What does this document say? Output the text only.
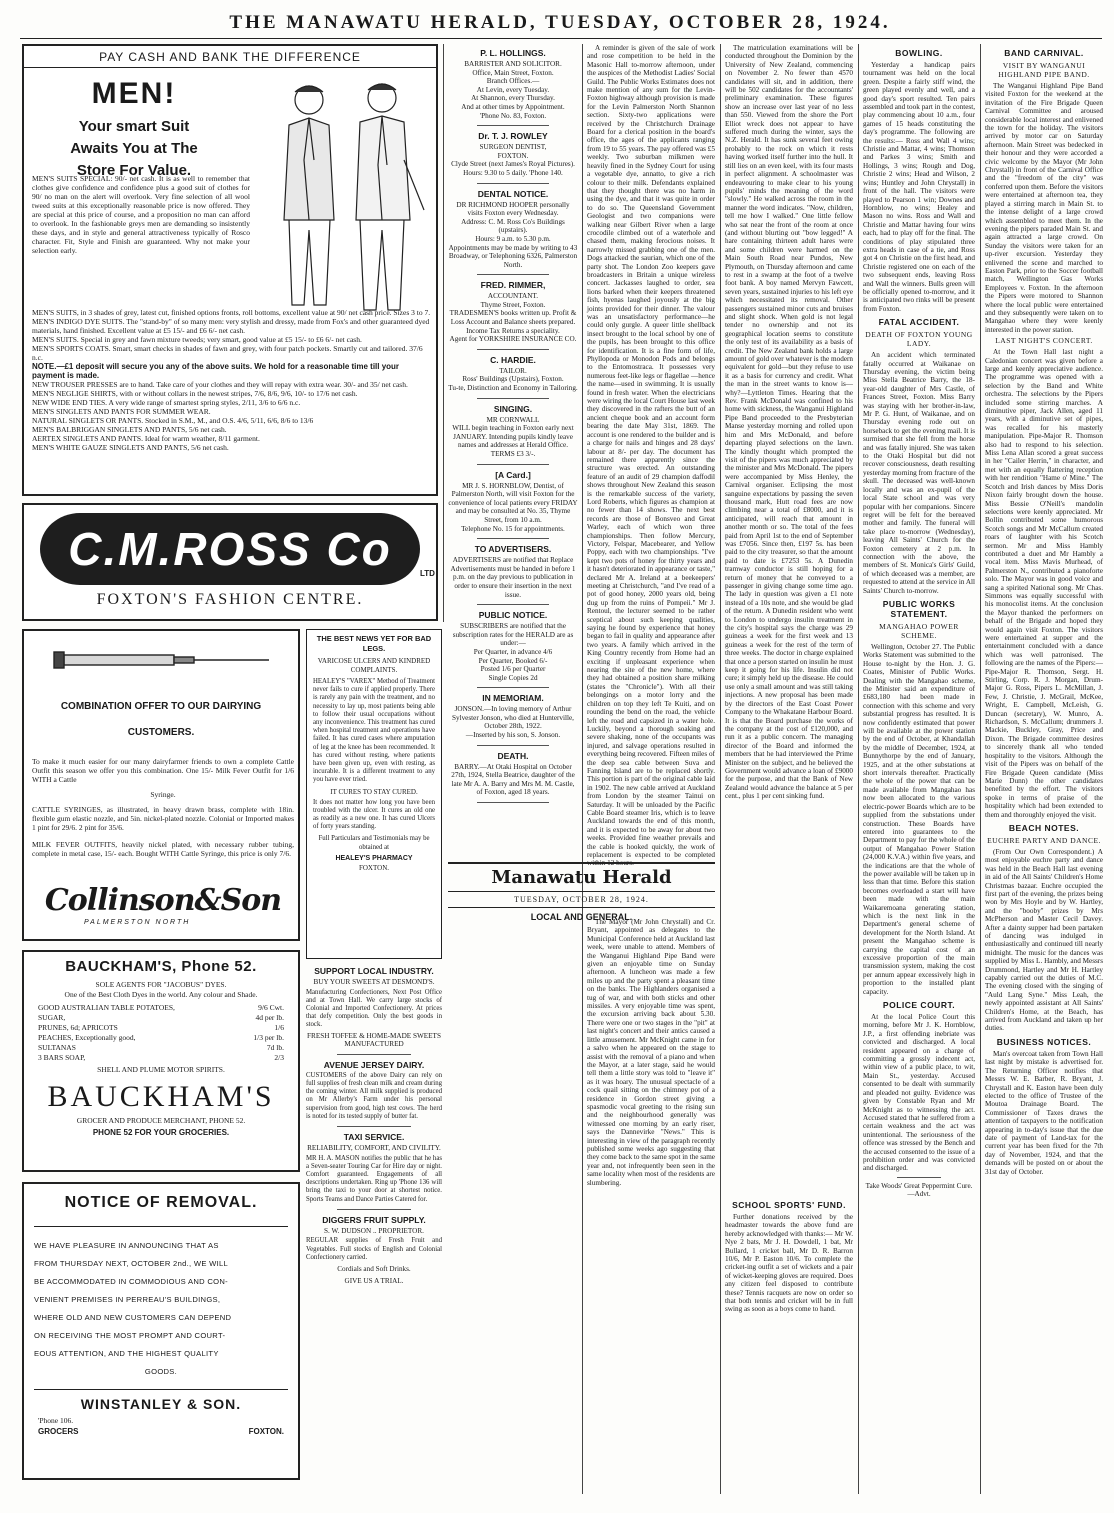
THE MANAWATU HERALD, TUESDAY, OCTOBER 28, 1924.
PAY CASH AND BANK THE DIFFERENCE
MEN!
Your smart Suit
Awaits You at The
Store For Value.

MEN'S SUITS SPECIAL: 90/- net cash. It is as well to remember that clothes give confidence and confidence plus a good suit of clothes for 90/ no man on the alert will overlook. Very fine selection of all wool tweed suits at this exceptionally reasonable price is now offered. They are special at this price of course, and a proposition no man can afford to overlook. In the fashionable greys men are demanding so insistently these days, and in style and general attractiveness typically of Rosco character. Fit, Style and Finish are guaranteed. Why not make your selection early.

MEN'S SUITS, in 3 shades of grey, latest cut, finished options fronts, roll bottoms, excellent value at 90/ net cash price. Sizes 3 to 7.

MEN'S INDIGO DYE SUITS. The "stand-by" of so many men: very stylish and dressy, made from Fox's and other guaranteed dyed materials, hand finished. Excellent value at £5 15/- and £6 6/- net cash.

MEN'S SUITS. Special in grey and fawn mixture tweeds; very smart, good value at £5 15/- to £6 6/- net cash.

MEN'S SPORTS COATS. Smart, smart checks in shades of fawn and grey, with four patch pockets. Smartly cut and tailored. 37/6 n.c.

NOTE.—£1 deposit will secure you any of the above suits. We hold for a reasonable time till your payment is made.

NEW TROUSER PRESSES are to hand. Take care of your clothes and they will repay with extra wear. 30/- and 35/ net cash.

MEN'S NEGLIGE SHIRTS, with or without collars in the newest stripes, 7/6, 8/6, 9/6, 10/- to 17/6 net cash.

NEW WIDE END TIES. A very wide range of smartest spring styles, 2/11, 3/6 to 6/6 n.c.

MEN'S SINGLETS AND PANTS FOR SUMMER WEAR.

NATURAL SINGLETS OR PANTS. Stocked in S.M., M., and O.S. 4/6, 5/11, 6/6, 8/6 to 13/6

MEN'S BALBRIGGAN SINGLETS AND PANTS, 5/6 net cash.

AERTEX SINGLETS AND PANTS. Ideal for warm weather, 8/11 garment.

MEN'S WHITE GAUZE SINGLETS AND PANTS, 5/6 net cash.

C.M.ROSS Co	LTD
FOXTON'S FASHION CENTRE.
COMBINATION OFFER TO OUR DAIRYING
CUSTOMERS.

To make it much easier for our many dairyfarmer friends to own a complete Cattle Outfit this season we offer you this combination. One 15/- Milk Fever Outfit for 1/6 WITH a Cattle

Syringe.

CATTLE SYRINGES, as illustrated, in heavy drawn brass, complete with 18in. flexible gum elastic nozzle, and 5in. nickel-plated nozzle. Colonial or Imported makes 1 pint for 29/6. 2 pint for 35/6.

MILK FEVER OUTFITS, heavily nickel plated, with necessary rubber tubing, complete in metal case, 15/- each. Bought WITH Cattle Syringe, this price is only 7/6.

Collinson&Son
PALMERSTON NORTH
BAUCKHAM'S, Phone 52.
SOLE AGENTS FOR "JACOBUS" DYES.
One of the Best Cloth Dyes in the world. Any colour and Shade.
GOOD AUSTRALIAN TABLE POTATOES,	9/6 Cwt.
SUGAR,	4d per lb.
PRUNES, 6d; APRICOTS	1/6
PEACHES, Exceptionally good,	1/3 per lb.
SULTANAS	7d lb.
3 BARS SOAP,	2/3
SHELL AND PLUME MOTOR SPIRITS.
BAUCKHAM'S
GROCER AND PRODUCE MERCHANT, PHONE 52.
PHONE 52 FOR YOUR GROCERIES.
NOTICE OF REMOVAL.
WE HAVE PLEASURE IN ANNOUNCING THAT AS
FROM THURSDAY NEXT, OCTOBER 2nd., WE WILL
BE ACCOMMODATED IN COMMODIOUS AND CON-
VENIENT PREMISES IN PERREAU'S BUILDINGS,
WHERE OLD AND NEW CUSTOMERS CAN DEPEND
ON RECEIVING THE MOST PROMPT AND COURT-
EOUS ATTENTION, AND THE HIGHEST QUALITY
GOODS.
WINSTANLEY & SON.
'Phone 106.
GROCERS	FOXTON.
P. L. HOLLINGS.

BARRISTER AND SOLICITOR.

Office, Main Street, Foxton.

Branch Offices.—

At Levin, every Tuesday.

At Shannon, every Thursday.

And at other times by Appointment.

'Phone No. 83, Foxton.

Dr. T. J. ROWLEY

SURGEON DENTIST,

FOXTON.

Clyde Street (next James's Royal Pictures).

Hours: 9.30 to 5 daily. 'Phone 140.

DENTAL NOTICE.

DR RICHMOND HOOPER personally visits Foxton every Wednesday.

Address: C. M. Ross Co's Buildings (upstairs).

Hours: 9 a.m. to 5.30 p.m.

Appointments may be made by writing to 43 Broadway, or Telephoning 6326, Palmerston North.

FRED. RIMMER,

ACCOUNTANT.

Thyme Street, Foxton.

TRADESMEN'S books written up. Profit & Loss Account and Balance sheets prepared. Income Tax Returns a speciality.

Agent for YORKSHIRE INSURANCE CO.

C. HARDIE.

TAILOR.

Ross' Buildings (Upstairs), Foxton.

Tu-te, Distinction and Economy in Tailoring.

SINGING.

MR CORNWALL

WILL begin teaching in Foxton early next JANUARY. Intending pupils kindly leave names and addresses at Herald Office.

TERMS £3 3/-.

[A Card.]

MR J. S. HORNBLOW, Dentist, of Palmerston North, will visit Foxton for the convenience of local patients every FRIDAY and may be consulted at No. 35, Thyme Street, from 10 a.m.

Telephone No. 15 for appointments.

TO ADVERTISERS.

ADVERTISERS are notified that Replace Advertisements must be handed in before 1 p.m. on the day previous to publication in order to ensure their insertion in the next issue.

PUBLIC NOTICE.

SUBSCRIBERS are notified that the subscription rates for the HERALD are as under:—

Per Quarter, in advance 4/6

Per Quarter, Booked 6/-

Posted 1/6 per Quarter

Single Copies 2d

IN MEMORIAM.

JONSON.—In loving memory of Arthur Sylvester Jonson, who died at Hunterville, October 28th, 1922.

—Inserted by his son, S. Jonson.

DEATH.

BARRY.—At Otaki Hospital on October 27th, 1924, Stella Beatrice, daughter of the late Mr A. A. Barry and Mrs M. M. Castle, of Foxton, aged 18 years.

THE BEST NEWS YET FOR BAD LEGS.
VARICOSE ULCERS AND KINDRED COMPLAINTS.

HEALEY'S "VAREX" Method of Treatment never fails to cure if applied properly. There is rarely any pain with the treatment, and no necessity to lay up, most patients being able to follow their usual occupations without any inconvenience. This treatment has cured when hospital treatment and operations have failed. It has cured cases where amputation of leg at the knee has been recommended. It has cured without resting, where patients have been given up, even with resting, as incurable. It is a different treatment to any you have ever tried.

IT CURES TO STAY CURED.

It does not matter how long you have been troubled with the ulcer. It cures an old one as readily as a new one. It has cured Ulcers of forty years standing.

Full Particulars and Testimonials may be obtained at

HEALEY'S PHARMACY
FOXTON.
SUPPORT LOCAL INDUSTRY.

BUY YOUR SWEETS AT DESMOND'S.

Manufacturing Confectioners, Next Post Office and at Town Hall. We carry large stocks of Colonial and Imported Confectionery. At prices that defy competition. Only the best goods in stock.

FRESH TOFFEE & HOME-MADE SWEETS MANUFACTURED

AVENUE JERSEY DAIRY.

CUSTOMERS of the above Dairy can rely on full supplies of fresh clean milk and cream during the coming winter. All milk supplied is produced on Mr Allerby's Farm under his personal supervision from good, high test cows. The herd is noted for its tested supply of butter fat.

TAXI SERVICE.

RELIABILITY, COMFORT, AND CIVILITY.

MR H. A. MASON notifies the public that he has a Seven-seater Touring Car for Hire day or night. Comfort guaranteed. Engagements of all descriptions undertaken. Ring up 'Phone 136 will bring the taxi to your door at shortest notice. Sports Teams and Dance Parties Catered for.

DIGGERS FRUIT SUPPLY.

S. W. DUDSON .. PROPRIETOR.

REGULAR supplies of Fresh Fruit and Vegetables. Full stocks of English and Colonial Confectionery carried.

Cordials and Soft Drinks.

GIVE US A TRIAL.

A reminder is given of the sale of work and rose competition to be held in the Masonic Hall to-morrow afternoon, under the auspices of the Methodist Ladies' Social Guild. The Public Works Estimates does not make mention of any sum for the Levin-Foxton highway although provision is made for the Levin Palmerston North Shannon section. Sixty-two applications were received by the Christchurch Drainage Board for a clerical position in the board's office, the ages of the applicants ranging from 19 to 55 years. The pay offered was £5 weekly. Two suburban milkmen were heavily fined in the Sydney Court for using a vegetable dye, annatto, to give a rich colour to their milk. Defendants explained that they thought there was no harm in using the dye, and that it was quite in order to do so. The Queensland Government Geologist and two companions were walking near Gilbert River when a large crocodile climbed out of a waterhole and chased them, making ferocious noises. It narrowly missed grabbing one of the men. Dogs attacked the saurian, which one of the party shot. The London Zoo keepers gave broadcasters in Britain a unique wireless concert. Jackasses laughed to order, sea lions barked when their keepers threatened fish, hyenas laughed joyously at the big joints provided for their dinner. The valour was an unsatisfactory performance—he could only gurgle. A queer little shellback insect brought to the local school by one of the pupils, has been brought to this office for identification. It is a fine form of life, Phyllopoda or Monodon Pods and belongs to the Entomostraca. It possesses very numerous feet-like legs or flagellae —hence the name—used in swimming. It is usually found in fresh water. When the electricians were wiring the local Court House last week they discovered in the rafters the butt of an ancient cheque book and an account form bearing the date May 31st, 1869. The account is one rendered to the builder and is a charge for nails and hinges and 28 days' labour at 8/- per day. The document has remained there apparently since the structure was erected. An outstanding feature of an audit of 29 champion daffodil shows throughout New Zealand this season is the remarkable success of the variety, Lord Roberts, which figures as champion at no fewer than 14 shows. The next best records are those of Bonsveo and Great Warley, each of which won three championships. Then follow Mercury, Victory, Felspar, Macebearer, and Yellow Poppy, each with two championships. "I've kept two pots of honey for thirty years and it hasn't deteriorated in appearance or taste," declared Mr A. Ireland at a beekeepers' meeting at Christchurch, "and I've read of a pot of good honey, 2000 years old, being dug up from the ruins of Pompeii." Mr J. Rentoul, the lecturer seemed to be rather sceptical about such keeping qualities, saying he found by experience that honey began to fail in quality and appearance after two years. A family which arrived in the King Country recently from Home had an exciting if unpleasant experience when nearing the site of the new home, where they had obtained a position share milking (states the "Chronicle"). With all their belongings on a motor lorry and the children on top they left Te Kuiti, and on rounding the bend on the road, the vehicle left the road and capsized in a water hole. Luckily, beyond a thorough soaking and severe shaking, none of the occupants was injured, and salvage operations resulted in everything being recovered. Fifteen miles of the deep sea cable between Suva and Fanning Island are to be replaced shortly. This portion is part of the original cable laid in 1902. The new cable arrived at Auckland from London by the steamer Tainui on Saturday. It will be unloaded by the Pacific Cable Board steamer Iris, which is to leave Auckland towards the end of this month, and it is expected to be away for about two weeks. Provided fine weather prevails and the cable is hooked quickly, the work of replacement is expected to be completed within 12 hours.

Manawatu Herald
TUESDAY, OCTOBER 28, 1924.
LOCAL AND GENERAL.

The Mayor (Mr John Chrystall) and Cr. Bryant, appointed as delegates to the Municipal Conference held at Auckland last week, were unable to attend. Members of the Wanganui Highland Pipe Band were given an enjoyable time on Sunday afternoon. A luncheon was made a few miles up and the party spent a pleasant time on the banks. The Highlanders organised a tug of war, and with both sticks and other missiles. A very enjoyable time was spent, the excursion arriving back about 5.30. There were one or two stages in the "pit" at last night's concert and their antics caused a little amusement. Mr McKnight came in for a salvo when he appeared on the stage to assist with the removal of a piano and when the Mayor, at a later stage, said he would tell them a little story was told to "leave it" as it was hoary. The unusual spectacle of a cock quail sitting on the chimney pot of a residence in Gordon street giving a spasmodic vocal greeting to the rising sun and the neighbourhood generally was witnessed one morning by an early riser, says the Dannevirke "News." This is interesting in view of the paragraph recently published some weeks ago suggesting that they come back to the same spot in the same year and, not infrequently been seen in the same locality when most of the residents are slumbering.

The matriculation examinations will be conducted throughout the Dominion by the University of New Zealand, commencing on November 2. No fewer than 4570 candidates will sit, and in addition, there will be 502 candidates for the accountants' preliminary examination. These figures show an increase over last year of no less than 550. Viewed from the shore the Port Elliot wreck does not appear to have suffered much during the winter, says the N.Z. Herald. It has sunk several feet owing probably to the rock on which it rests having worked itself further into the hull. It still lies on an even keel, with its four masts in perfect alignment. A schoolmaster was endeavouring to make clear to his young pupils' minds the meaning of the word "slowly." He walked across the room in the manner the word indicates. "Now, children, tell me how I walked." One little fellow who sat near the front of the room at once (and without blurting out "bow legged!" A hare containing thirteen adult hares were and some children were harmed on the Main South Road near Pundos, New Plymouth, on Thursday afternoon and came to rest in a swamp at the foot of a twelve foot bank. A boy named Mervyn Fawcett, seven years, sustained injuries to his left eye which necessitated its removal. Other passengers sustained minor cuts and bruises and slight shock. When gold is not legal tender no ownership and not its geographical location seems to constitute the only test of its availability as a basis of credit. The New Zealand bank holds a large amount of gold over whatever is the modern equivalent for gold—but they refuse to use it as a basis for currency and credit. What the man in the street wants to know is—why?—Lyttleton Times. Hearing that the Rev. Frank McDonald was confined to his home with sickness, the Wanganui Highland Pipe Band proceeded to the Presbyterian Manse yesterday morning and rolled upon him and Mrs McDonald, and before departing played selections on the lawn. The kindly thought which prompted the visit of the pipers was much appreciated by the minister and Mrs McDonald. The pipers were accompanied by Miss Henley, the Carnival organiser. Eclipsing the most sanguine expectations by passing the seven thousand mark, Hutt road fees are now climbing near a total of £8000, and it is anticipated, will reach that amount in another month or so. The total of the fees paid from April 1st to the end of September was £7056. Since then, £197 5s. has been paid to the city treasurer, so that the amount paid to date is £7253 5s. A Dunedin tramway conductor is still hoping for a return of money that he conveyed to a passenger in giving change some time ago. The lady in question was given a £1 note instead of a 10s note, and she would be glad of the return. A Dunedin resident who went to London to undergo insulin treatment in the city's hospital says the charge was 29 guineas a week for the first week and 13 guineas a week for the rest of the term of three weeks. The doctor in charge explained that once a person started on insulin he must keep it going for his life. Insulin did not cure; it simply held up the disease. He could use only a small amount and was still taking injections. A new proposal has been made by the directors of the East Coast Power Company to the Whakatane Harbour Board. It is that the Board purchase the works of the company at the cost of £120,000, and run it as a public concern. The managing director of the Board and informed the members that he had interviewed the Prime Minister on the subject, and he believed the Government would advance a loan of £9000 for the purpose, and that the Bank of New Zealand would advance the balance at 5 per cent., plus 1 per cent sinking fund.

SCHOOL SPORTS' FUND.

Further donations received by the headmaster towards the above fund are hereby acknowledged with thanks:— Mr W. Nye 2 bats, Mr J. H. Dowdell, 1 bat, Mr Bullard, 1 cricket ball, Mr D. R. Barron 10/6, Mr P. Easton 10/6. To complete the cricket-ing outfit a set of wickets and a pair of wicket-keeping gloves are required. Does any citizen feel disposed to contribute these? Tennis racquets are now on order so that both tennis and cricket will be in full swing as soon as a boys come to hand.

BOWLING.

Yesterday a handicap pairs tournament was held on the local green. Despite a fairly stiff wind, the green played evenly and well, and a good day's sport resulted. Ten pairs assembled and took part in the contest, play commencing about 10 a.m., four games of 15 heads constituting the day's programme. The following are the results:— Ross and Wall 4 wins; Christie and Mattar, 4 wins; Thomson and Parkes 3 wins; Smith and Hollings, 3 wins; Rough and Dog, Christie 2 wins; Head and Wilson, 2 wins; Huntley and John Chrystall) in front of the hall. The visitors were played to Pearson 1 win; Downes and Hornblow, no wins; Healey and Mason no wins. Ross and Wall and Christie and Mattar having four wins each, had to play off for the final. The conditions of play stipulated three extra heads in case of a tie, and Ross got 4 on Christie on the first head, and Christie registered one on each of the two subsequent ends, leaving Ross and Wall the winners. Bulls green will be officially opened to-morrow, and it is anticipated two rinks will be present from Foxton.

FATAL ACCIDENT.
DEATH OF FOXTON YOUNG LADY.

An accident which terminated fatally occurred at Waikanae on Thursday evening, the victim being Miss Stella Beatrice Barry, the 18-year-old daughter of Mrs Castle, of Frances Street, Foxton. Miss Barry was staying with her brother-in-law, Mr P. G. Hunt, of Waikanae, and on Thursday evening rode out on horseback to get the evening mail. It is surmised that she fell from the horse and was fatally injured. She was taken to the Otaki Hospital but did not recover consciousness, death resulting yesterday morning from fracture of the skull. The deceased was well-known locally and was an ex-pupil of the local State school and was very popular with her companions. Sincere regret will be felt for the bereaved mother and family. The funeral will take place to-morrow (Wednesday), leaving All Saints' Church for the Foxton cemetery at 2 p.m. In connection with the above, the members of St. Monica's Girls' Guild, of which deceased was a member, are requested to attend at the service in All Saints' Church to-morrow.

PUBLIC WORKS STATEMENT.
MANGAHAO POWER SCHEME.

Wellington, October 27. The Public Works Statement was submitted to the House to-night by the Hon. J. G. Coates, Minister of Public Works. Dealing with the Mangahao scheme, the Minister said an expenditure of £683,180 had been made in connection with this scheme and very substantial progress has resulted. It is now confidently estimated that power will be available at the power station by the end of October, at Khandallah by the middle of December, 1924, at Bunnythorpe by the end of January, 1925, and at the other substations at short intervals thereafter. Practically the whole of the power that can be made available from Mangahao has now been allocated to the various electric-power Boards which are to be supplied from the substations under construction. These Boards have entered into guarantees to the Department to pay for the whole of the output of Mangahao Power Station (24,000 K.V.A.) within five years, and the indications are that the whole of the power available will be taken up in less than that time. Before this station becomes overloaded a start will have been made with the main Waikaremoana generating station, which is the next link in the Department's general scheme of development for the North Island. At present the Mangahao scheme is carrying the capital cost of an excessive proportion of the main transmission system, making the cost per annum appear excessively high in proportion to the installed plant capacity.

POLICE COURT.

At the local Police Court this morning, before Mr J. K. Hornblow, J.P., a first offending inebriate was convicted and discharged. A local resident appeared on a charge of committing a grossly indecent act, within view of a public place, to wit, Main St., yesterday. Accused consented to be dealt with summarily and pleaded not guilty. Evidence was given by Constable Ryan and Mr McKnight as to witnessing the act. Accused stated that he suffered from a certain weakness and the act was unintentional. The seriousness of the offence was stressed by the Bench and the accused consented to the issue of a prohibition order and was convicted and discharged.

Take Woods' Great Peppermint Cure.—Advt.

BAND CARNIVAL.
VISIT BY WANGANUI HIGHLAND PIPE BAND.

The Wanganui Highland Pipe Band visited Foxton for the weekend at the invitation of the Fire Brigade Queen Carnival Committee and aroused considerable local interest and enlivened the town for the holiday. The visitors arrived by motor car on Saturday afternoon. Main Street was bedecked in their honour and they were accorded a civic welcome by the Mayor (Mr John Chrystall) in front of the Carnival Office and the "freedom of the city" was conferred upon them. Before the visitors were entertained at afternoon tea, they played a stirring march in Main St. to the intense delight of a large crowd which assembled to meet them. In the evening the pipers paraded Main St. and again attracted a large crowd. On Sunday the visitors were taken for an up-river excursion. Yesterday they enlivened the scene and marched to Easton Park, prior to the Soccer football match, Wellington Gas Works Employees v. Foxton. In the afternoon the Pipers were motored to Shannon where the local public were entertained and they subsequently were taken on to Mangahao where they were keenly interested in the power station.

LAST NIGHT'S CONCERT.

At the Town Hall last night a Caledonian concert was given before a large and keenly appreciative audience. The programme was opened with a selection by the Band and White orchestra. The selections by the Pipers included some stirring marches. A diminutive piper, Jack Allen, aged 11 years, with a diminutive set of pipes, was recalled for his masterly manipulation. Pipe-Major R. Thomson also had to respond to his selection. Miss Lena Allan scored a great success in her "Cailer Herrin," in character, and met with an equally flattering reception with her rendition "Hame o' Mine." The Scotch and Irish dances by Miss Doris Nixon fairly brought down the house. Miss Bessie O'Neill's mandolin selections were keenly appreciated. Mr Bollin contributed some humorous Scotch songs and Mr McCallum created roars of laughter with his Scotch sermon. Mr and Miss Hambly contributed a duet and Mr Hambly a vocal item. Miss Mavis Murhead, of Palmerston N., contributed a pianoforte solo. The Mayor was in good voice and sang a spirited National song. Mr Chas. Simmons was equally successful with his monocolist items. At the conclusion the Mayor thanked the performers on behalf of the Brigade and hoped they would again visit Foxton. The visitors were entertained at supper and the entertainment concluded with a dance which was well patronised. The following are the names of the Pipers:— Pipe-Major R. Thomson, Sergt. H. Stirling, Corp. R. J. Morgan, Drum-Major G. Ross, Pipers L. McMillan, J. Few, J. Christie, J. McGrail, McKee, Wright, E. Campbell, McLeish, G. Duncan (secretary), W. Munro, A. Richardson, S. McCallum; drummers J. Mackie, Buckley, Gray, Price and Dixon. The Brigade committee desires to sincerely thank all who tended hospitality to the visitors. Although the visit of the Pipers was on behalf of the Fire Brigade Queen candidate (Miss Marie Dunn) the other candidates benefited by the effort. The visitors spoke in terms of praise of the hospitality which had been extended to them and thoroughly enjoyed the visit.

BEACH NOTES.
EUCHRE PARTY AND DANCE.

(From Our Own Correspondent.) A most enjoyable euchre party and dance was held in the Beach Hall last evening in aid of the All Saints' Children's Home Christmas bazaar. Euchre occupied the first part of the evening, the prizes being won by Mrs Hoyle and by W. Hartley, and the "booby" prizes by Mrs McPherson and Master Cecil Davey. After a dainty supper had been partaken of dancing was indulged in enthusiastically and continued till nearly midnight. The music for the dances was supplied by Miss L. Hambly, and Messrs Drummond, Hartley and Mr H. Hartley capably carried out the duties of M.C. The evening closed with the singing of "Auld Lang Syne." Miss Leah, the newly appointed assistant at All Saints' Children's Home, at the Beach, has arrived from Auckland and taken up her duties.

BUSINESS NOTICES.

Man's overcoat taken from Town Hall last night by mistake is advertised for. The Returning Officer notifies that Messrs W. E. Barber, R. Bryant, J. Chrystall and K. Easton have been duly elected to the office of Trustee of the Moutoa Drainage Board. The Commissioner of Taxes draws the attention of taxpayers to the notification appearing in to-day's issue that the due date of payment of Land-tax for the current year has been fixed for the 7th day of November, 1924, and that the demands will be posted on or about the 31st day of October.
